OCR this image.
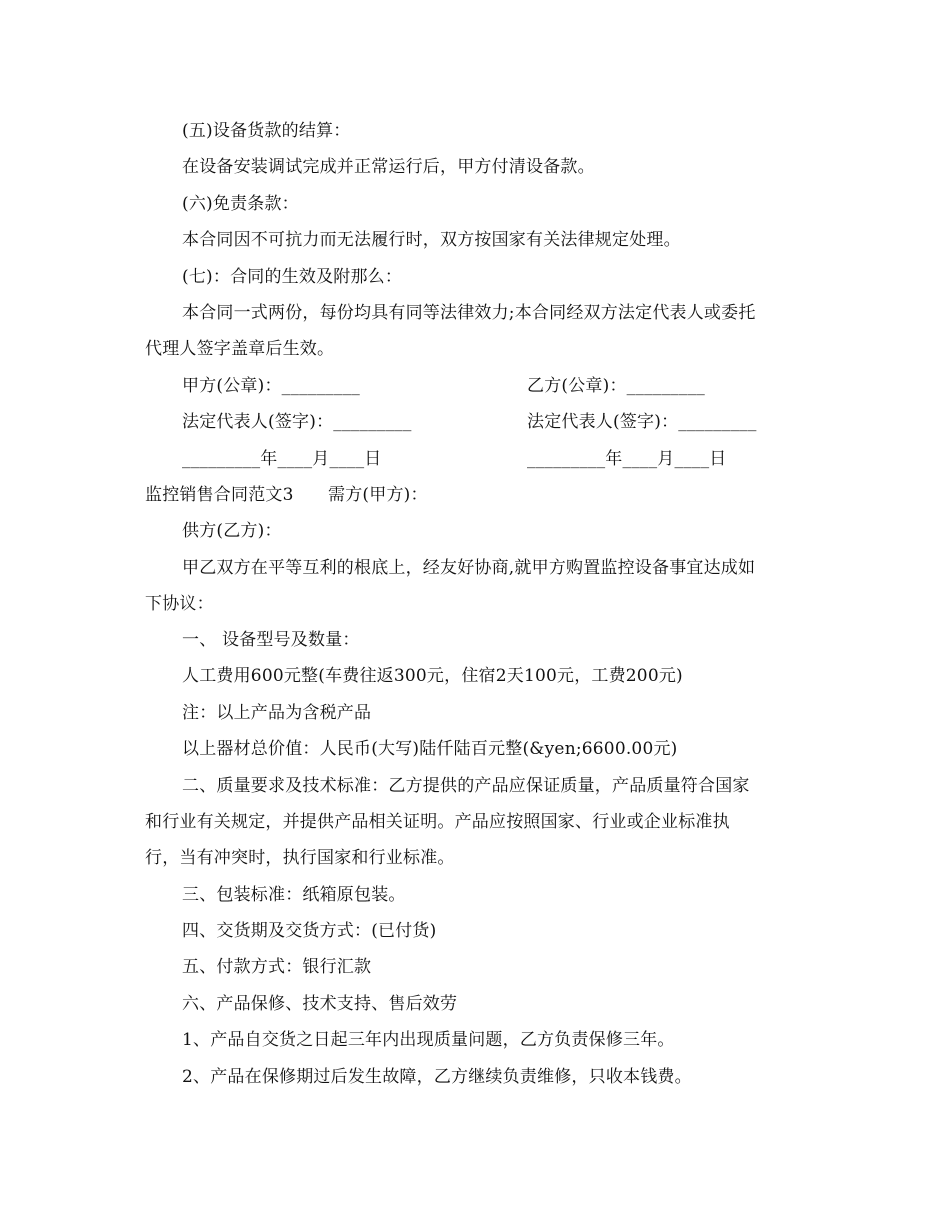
(五)设备货款的结算：
在设备安装调试完成并正常运行后，甲方付清设备款。
(六)免责条款：
本合同因不可抗力而无法履行时，双方按国家有关法律规定处理。
(七)：合同的生效及附那么：
本合同一式两份，每份均具有同等法律效力;本合同经双方法定代表人或委托
代理人签字盖章后生效。
甲方(公章)：_________	乙方(公章)：_________
法定代表人(签字)：_________	法定代表人(签字)：_________
_________年____月____日	_________年____月____日
监控销售合同范文3　　需方(甲方)：
供方(乙方)：
甲乙双方在平等互利的根底上，经友好协商,就甲方购置监控设备事宜达成如
下协议：
一、 设备型号及数量：
人工费用600元整(车费往返300元，住宿2天100元，工费200元)
注：以上产品为含税产品
以上器材总价值：人民币(大写)陆仟陆百元整(&yen;6600.00元)
二、质量要求及技术标准：乙方提供的产品应保证质量，产品质量符合国家
和行业有关规定，并提供产品相关证明。产品应按照国家、行业或企业标准执
行，当有冲突时，执行国家和行业标准。
三、包装标准：纸箱原包装。
四、交货期及交货方式：(已付货)
五、付款方式：银行汇款
六、产品保修、技术支持、售后效劳
1、产品自交货之日起三年内出现质量问题，乙方负责保修三年。
2、产品在保修期过后发生故障，乙方继续负责维修，只收本钱费。
